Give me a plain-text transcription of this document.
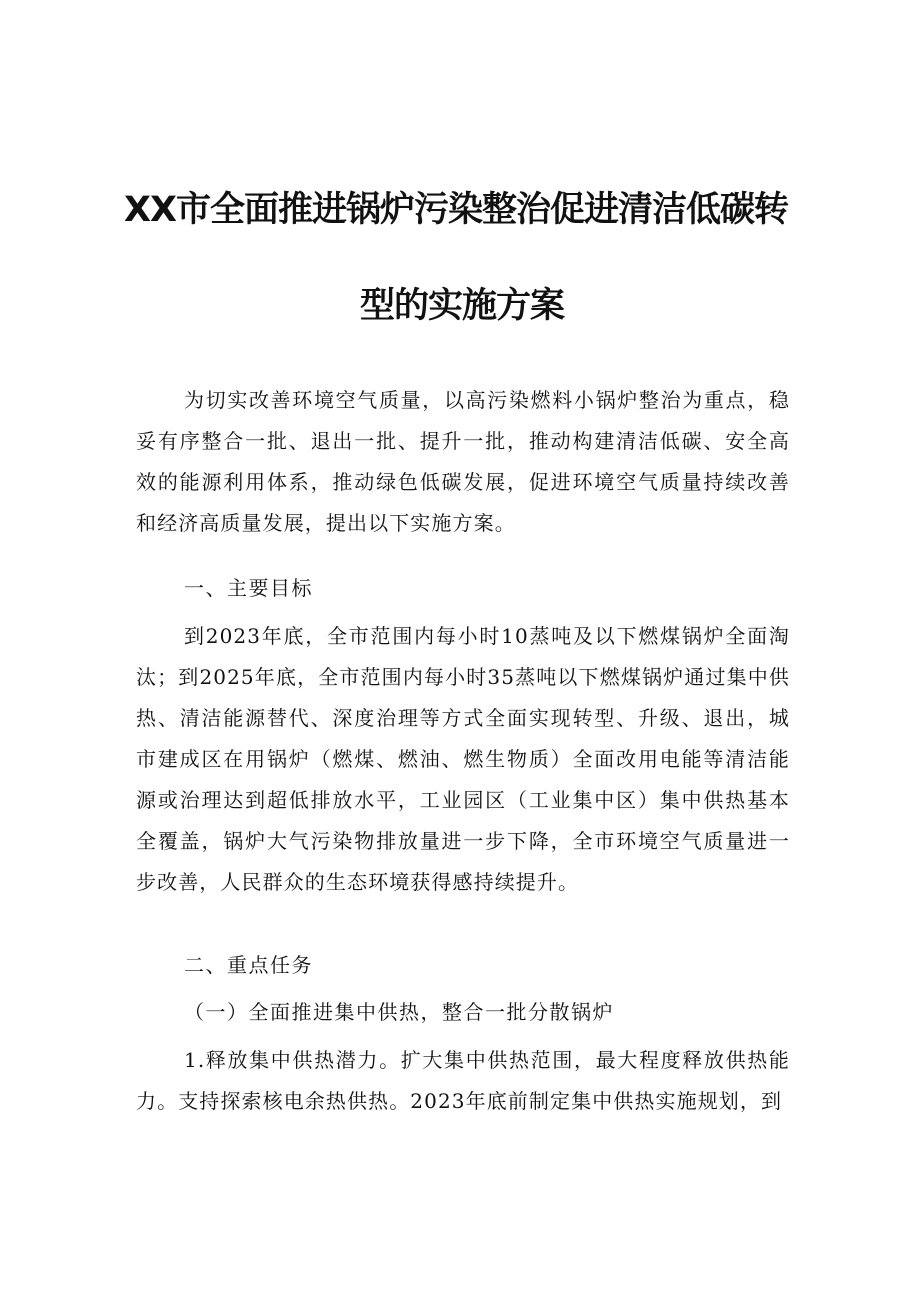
XX市全面推进锅炉污染整治促进清洁低碳转
型的实施方案

为切实改善环境空气质量，以高污染燃料小锅炉整治为重点，稳妥有序整合一批、退出一批、提升一批，推动构建清洁低碳、安全高效的能源利用体系，推动绿色低碳发展，促进环境空气质量持续改善和经济高质量发展，提出以下实施方案。

一、主要目标

到2023年底，全市范围内每小时10蒸吨及以下燃煤锅炉全面淘汰；到2025年底，全市范围内每小时35蒸吨以下燃煤锅炉通过集中供热、清洁能源替代、深度治理等方式全面实现转型、升级、退出，城市建成区在用锅炉（燃煤、燃油、燃生物质）全面改用电能等清洁能源或治理达到超低排放水平，工业园区（工业集中区）集中供热基本全覆盖，锅炉大气污染物排放量进一步下降，全市环境空气质量进一步改善，人民群众的生态环境获得感持续提升。

二、重点任务

（一）全面推进集中供热，整合一批分散锅炉

1.释放集中供热潜力。扩大集中供热范围，最大程度释放供热能力。支持探索核电余热供热。2023年底前制定集中供热实施规划，到
